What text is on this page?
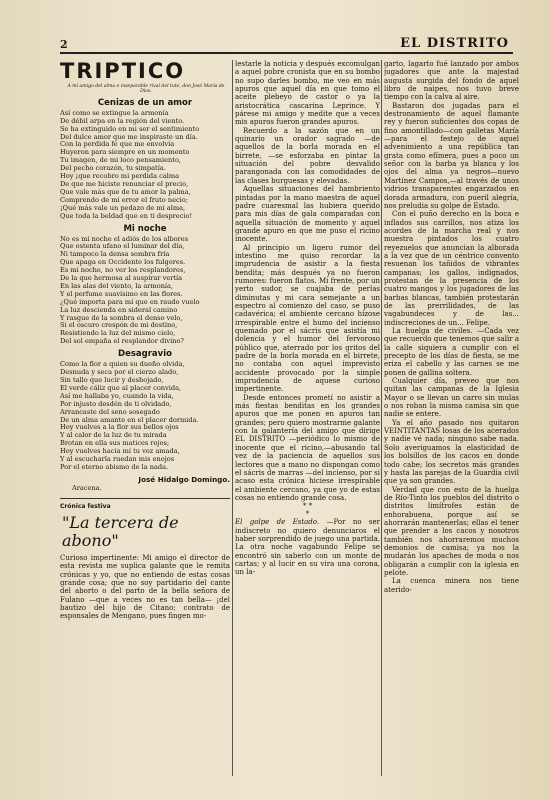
2	EL DISTRITO
TRIPTICO

A mi amigo del alma e inseparable rival del tute, don José María de Dios.

Cenizas de un amor
Así como se extingue la armonía
De débil arpa en la región del viento.
Se ha extinguido en mi ser el sentimiento
Del dulce amor que me inspiraste un día.
Con la perdida fe que me envolvía
Huyeron para siempre en un momento
Tu imagen, de mi loco pensamiento,
Del pecho corazón, tu simpatía.
Hoy ¡que recobro mi perdida calma
De que me hiciste renunciar el precio,
Que vale más que de tu amor la palma,
Comprendo de mi error el fruto necio;
¡Qué más vale un pedazo de mi alma,
Que toda la beldad que en ti desprecio!
Mi noche
No es mi noche el adiós de los albores
Que ostenta ufano el luminar del día,
Ni tampoco la densa sombra fría
Que apaga en Occidente los fulgores.
Es mi noche, no ver los resplandores,
De la que hermosa al suspirar vertía
En las alas del viento, la armonía,
Y el perfume suavísimo en las flores.
¿Qué importa para mí que en raudo vuelo
La luz descienda en sideral camino
Y rasgue de la sombra el denso velo,
Si el oscuro crespón de mi destino,
Resistiendo la luz del mismo cielo,
Del sol empaña el resplandor divino?
Desagravio
Como la flor a quien su dueño olvida,
Desnuda y seca por el cierzo alado,
Sin tallo que lucir y deshojado,
El verde cáliz que al placer convida,
Así me hallaba yo, cuando la vida,
Por injusto desdén de ti olvidado,
Arrancaste del seno sosegado
De un alma amante en el placer dormida.
Hoy vuelves a la flor sus bellos ojos
Y al calor de la luz de tu mirada
Brotan en ella sus matices rojos;
Hoy vuelves hacia mí tu voz amada,
Y al escucharla ruedan mis enojos
Por el eterno abismo de la nada.
José Hidalgo Domingo.
Aracena.
Crónica festiva
"La tercera de abono"

Curioso impertinente: Mi amigo el director de esta revista me suplica galante que le remita crónicas y yo, que no entiendo de estas cosas grande cosa; que no soy partidario del cante del aborto o del parto de la bella señora de Fulano —que a veces no es tan bella— ¡del bautizo del hijo de Citano; contrato de esponsales de Mengano, pues fingen mo-

lestarle la noticia y después excomulgan a aquel pobre cronista que en su bombo no supo darles bombo, me veo en más apuros que aquel día en que tomo el aceite plebeyo de castor o ya la aristocrática cascarina Leprince. Y párese mi amigo y medite que a veces mis apuros fueron grandes apuros.

Recuerdo a la sazón que en un quinario un orador sagrado —de aquellos de la borla morada en el birrete, —se esforzaba en pintar la situación del pobre desvalido parangonada con las comodidades de las clases burguesas y elevadas.

Aquellas situaciones del hambriento pintadas por la mano maestra de aquel padre cuaresmal las hubiera querido para mis días de gala comparadas con aquella situación de momento y aquel grande apuro en que me puso el ricino inocente.

Al principio un ligero rumor del intestino me quiso recordar la imprudencia de asistir a la fiesta bendita; más después ya no fueron rumores: fueron flatos. Mi frente, por un yerto sudor, se cuajaba de perlas diminutas y mi cara semejante a un espectro al comienzo del caso, se puso cadavérica; el ambiente cercano hízose irrespirable entre el humo del incienso quemado por el sácris que asistía mi dolencia y el humor del fervoroso público que, aterrado por los gritos del padre de la borla morada en el birrete, no contaba con aquel imprevisto accidente provocado por la simple imprudencia de aquese curioso impertinente.

Desde entonces prometí no asistir a más fiestas benditas en los grandes apuros que me ponen en apuros tan grandes; pero quiero mostrarme galante con la galantería del amigo que dirige EL DISTRITO —periódico lo mismo de inocente que el ricino,—abusando tal vez de la paciencia de aquellos sus lectores que a mano no dispongan como el sácris de marras —del incienso, por si acaso esta crónica hiciese irrespirable el ambiente cercano, ya que yo de estas cosas no entiendo grande cosa.

* *
*

El golpe de Estado. —Por no ser indiscreto no quiero denunciaros el haber sorprendido de juego una partida. La otra noche vagabundo Felipe se encontró sin saberlo con un monte de cartas; y al lucir en su vira una corona, un la-

garto, lagarto fué lanzado por ambos jugadores que ante la majestad augusta surgida del fondo de aquel libro de naipes, nos tuvo breve tiempo con la calva al aire.

Bastaron dos jugadas para el destronamiento de aquel flamante rey y fueron suficientes dos copas de fino amontillado—con galletas María—para el festejo de aquel advenimiento a una república tan grata como efímera, pues a poco un señor con la barba ya blanca y los ojos del alma ya negros—nuevo Martínez Campos,—al través de unos vidrios transparentes engarzados en dorada armadura, con pueril alegría, nos preludia su golpe de Estado.

Con el puño derecho en la boca e inflados sus carrillos, nos atiza los acordes de la marcha real y nos muestra pintados los cuatro reyezuelos que anuncian la alborada a la vez que de un céntrico convento resuenan los tañidos de vibrantes campanas; los gallos, indignados, protestan de la presencia de los cuatro mangos y los jugadores de las barbas blancas, también protestarán de las prerrilidades, de las vagabundeces y de las... indiscreciones de un... Felipe.

La huelga de civiles. —Cada vez que recuerdo que tenemos que salir a la calle siquiera a cumplir con el precepto de los días de fiesta, se me eriza el cabello y las carnes se me ponen de gallina soltera.

Cualquier día, preveo que nos quitan las campanas de la Iglesia Mayor o se llevan un carro sin mulas o nos roban la misma camisa sin que nadie se entere.

Ya el año pasado nos quitaron VEINTITANTAS losas de los acerados y nadie vé nada; ninguno sabe nada. Solo averiguamos la elasticidad de los bolsillos de los cacos en donde todo cabe; los secretos más grandes y hasta las parejas de la Guardia civil que ya son grandes.

Verdad que con esto de la huelga de Río-Tinto los pueblos del distrito o distritos limítrofes están de enhorabuena, porque así se ahorrarán mantenerlas; ellas el tener que prender a los cacos y nosotros también nos ahorraremos muchos demonios de camisa; ya nos la mudarán los apaches de moda o nos obligarán a cumplir con la iglesia en pelote.

La cuenca minera nos tiene aterido-
